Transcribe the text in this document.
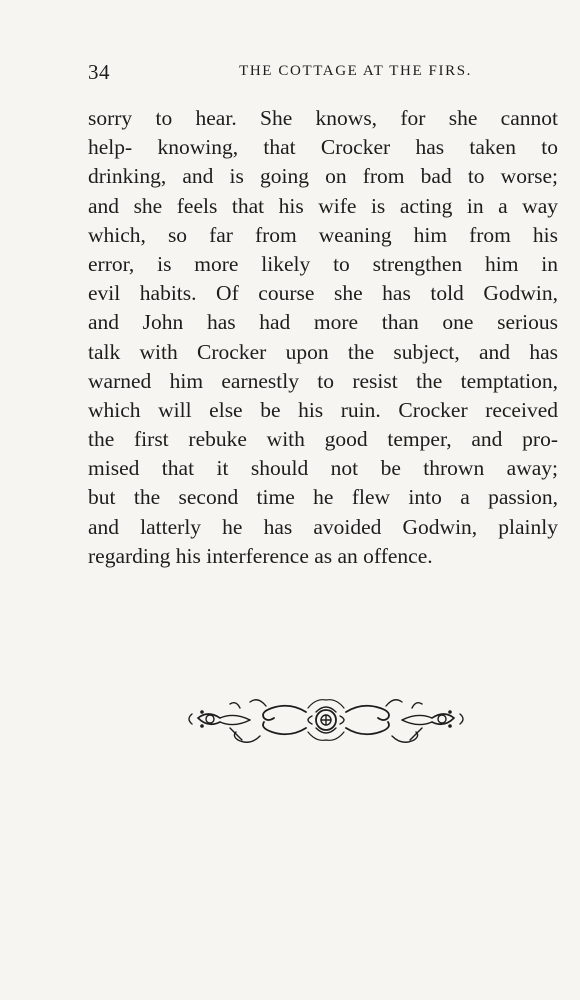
34	THE COTTAGE AT THE FIRS.
sorry to hear. She knows, for she cannot
help- knowing, that Crocker has taken to
drinking, and is going on from bad to worse;
and she feels that his wife is acting in a way
which, so far from weaning him from his
error, is more likely to strengthen him in
evil habits. Of course she has told Godwin,
and John has had more than one serious
talk with Crocker upon the subject, and has
warned him earnestly to resist the temptation,
which will else be his ruin. Crocker received
the first rebuke with good temper, and pro-
mised that it should not be thrown away;
but the second time he flew into a passion,
and latterly he has avoided Godwin, plainly
regarding his interference as an offence.
